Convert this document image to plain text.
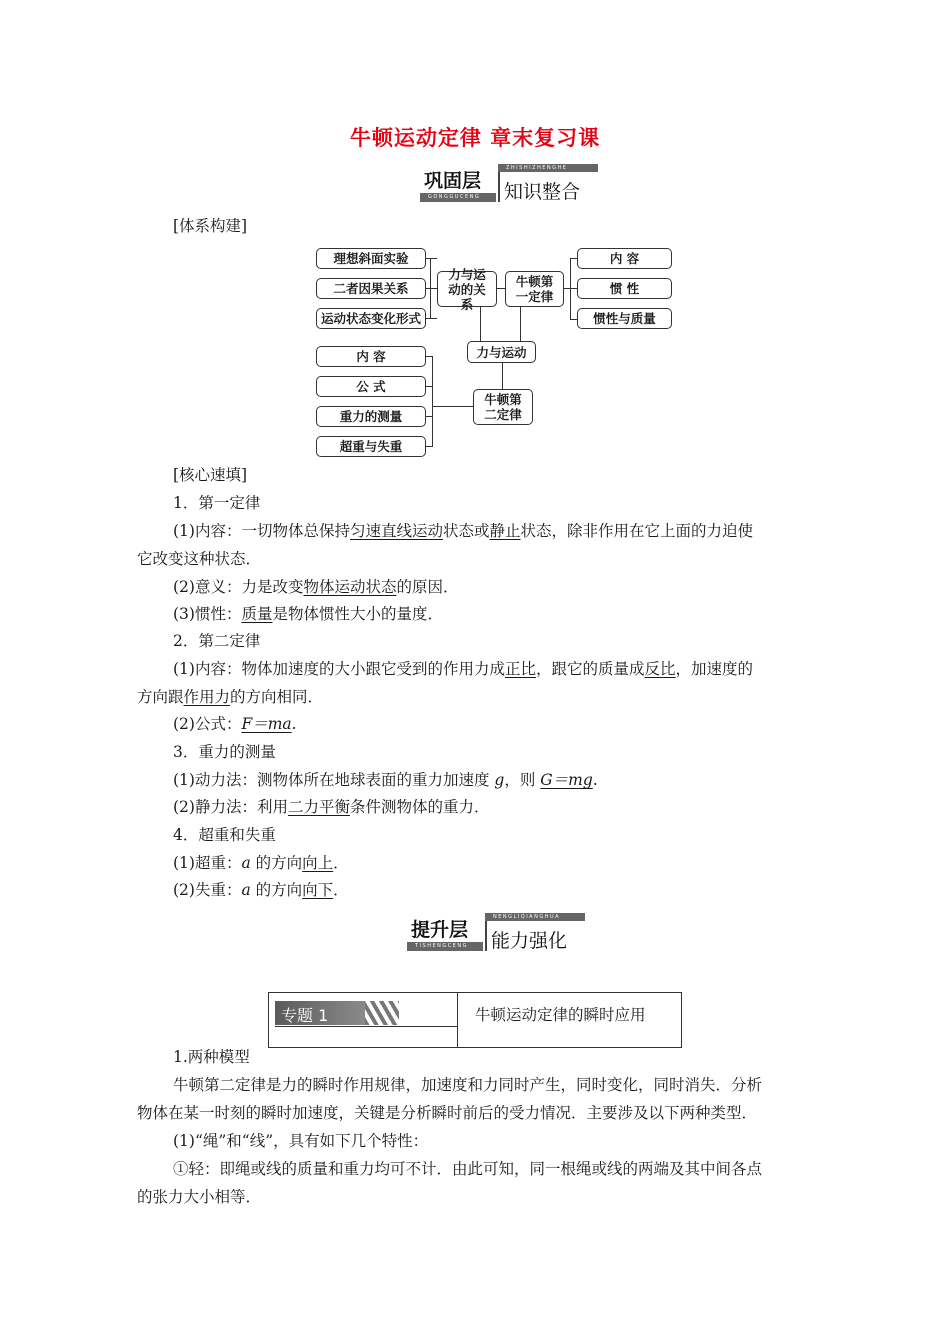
牛顿运动定律 章末复习课
巩固层
GONGGUCENG
ZHISHIZHENGHE
知识整合
[体系构建]
理想斜面实验
二者因果关系
运动状态变化形式
力与运动的关系
牛顿第一定律
内 容
惯 性
惯性与质量
力与运动
内 容
公 式
重力的测量
超重与失重
牛顿第二定律
[核心速填]
1．第一定律
(1)内容：一切物体总保持匀速直线运动状态或静止状态，除非作用在它上面的力迫使
它改变这种状态．
(2)意义：力是改变物体运动状态的原因．
(3)惯性：质量是物体惯性大小的量度．
2．第二定律
(1)内容：物体加速度的大小跟它受到的作用力成正比，跟它的质量成反比，加速度的
方向跟作用力的方向相同．
(2)公式：F＝ma.
3．重力的测量
(1)动力法：测物体所在地球表面的重力加速度 g，则 G＝mg.
(2)静力法：利用二力平衡条件测物体的重力．
4．超重和失重
(1)超重：a 的方向向上．
(2)失重：a 的方向向下．
提升层
TISHENGCENG
NENGLIQIANGHUA
能力强化
专题 1	牛顿运动定律的瞬时应用
1.两种模型
牛顿第二定律是力的瞬时作用规律，加速度和力同时产生，同时变化，同时消失．分析
物体在某一时刻的瞬时加速度，关键是分析瞬时前后的受力情况．主要涉及以下两种类型．
(1)“绳”和“线”，具有如下几个特性：
①轻：即绳或线的质量和重力均可不计．由此可知，同一根绳或线的两端及其中间各点
的张力大小相等．
